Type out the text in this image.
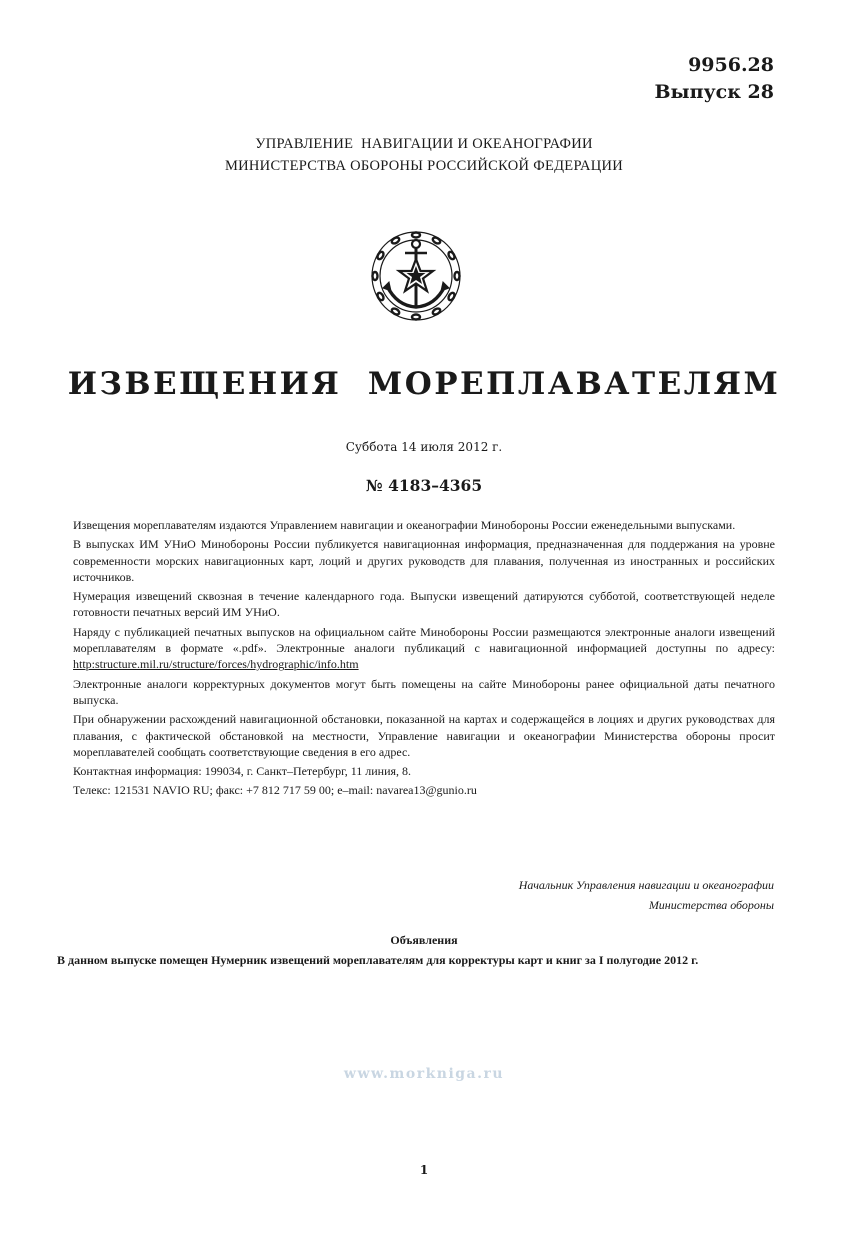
9956.28
Выпуск 28
УПРАВЛЕНИЕ  НАВИГАЦИИ И ОКЕАНОГРАФИИ
МИНИСТЕРСТВА ОБОРОНЫ РОССИЙСКОЙ ФЕДЕРАЦИИ
ИЗВЕЩЕНИЯ  МОРЕПЛАВАТЕЛЯМ
Суббота 14 июля 2012 г.
№ 4183–4365

Извещения мореплавателям издаются Управлением навигации и океанографии Минобороны России еженедельными выпусками.

В выпусках ИМ УНиО Минобороны России публикуется навигационная информация, предназначенная для поддержания на уровне современности морских навигационных карт, лоций и других руководств для плавания, полученная из иностранных и российских источников.

Нумерация извещений сквозная в течение календарного года. Выпуски извещений датируются субботой, соответствующей неделе готовности печатных версий ИМ УНиО.

Наряду с публикацией печатных выпусков на официальном сайте Минобороны России размещаются электронные аналоги извещений мореплавателям в формате «.pdf». Электронные аналоги публикаций с навигационной информацией доступны по адресу: http:structure.mil.ru/structure/forces/hydrographic/info.htm

Электронные аналоги корректурных документов могут быть помещены на сайте Минобороны ранее официальной даты печатного выпуска.

При обнаружении расхождений навигационной обстановки, показанной на картах и содержащейся в лоциях и других руководствах для плавания, с фактической обстановкой на местности, Управление навигации и океанографии Министерства обороны просит мореплавателей сообщать соответствующие сведения в его адрес.

Контактная информация: 199034, г. Санкт–Петербург, 11 линия, 8.

Телекс: 121531 NAVIO RU; факс: +7 812 717 59 00; e–mail: navarea13@gunio.ru

Начальник Управления навигации и океанографии
Министерства обороны
Объявления
В данном выпуске помещен Нумерник извещений мореплавателям для корректуры карт и книг за I полугодие 2012 г.
www.morkniga.ru
1
